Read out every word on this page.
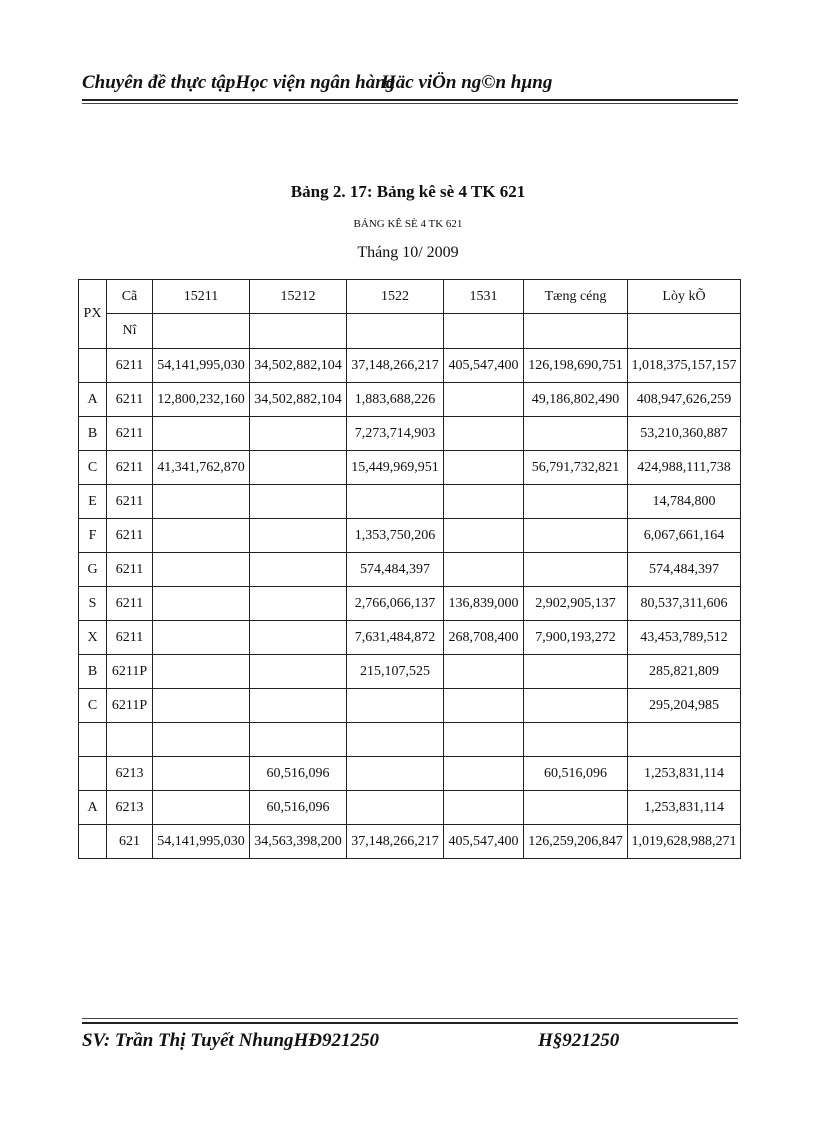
Chuyên đề thực tậpHọc viện ngân hàng
Häc viÖn ng©n hµng
Bảng 2. 17: Bảng kê sè 4 TK 621
BẢNG KÊ SÈ 4 TK 621
Tháng 10/ 2009
PX	Cã	15211	15212	1522	1531	Tæng céng	Lòy kÕ
	Nî						
	6211	54,141,995,030	34,502,882,104	37,148,266,217	405,547,400	126,198,690,751	1,018,375,157,157
A	6211	12,800,232,160	34,502,882,104	1,883,688,226		49,186,802,490	408,947,626,259
B	6211			7,273,714,903			53,210,360,887
C	6211	41,341,762,870		15,449,969,951		56,791,732,821	424,988,111,738
E	6211						14,784,800
F	6211			1,353,750,206			6,067,661,164
G	6211			574,484,397			574,484,397
S	6211			2,766,066,137	136,839,000	2,902,905,137	80,537,311,606
X	6211			7,631,484,872	268,708,400	7,900,193,272	43,453,789,512
B	6211P			215,107,525			285,821,809
C	6211P						295,204,985

	6213		60,516,096			60,516,096	1,253,831,114
A	6213		60,516,096				1,253,831,114
	621	54,141,995,030	34,563,398,200	37,148,266,217	405,547,400	126,259,206,847	1,019,628,988,271
SV: Trần Thị Tuyết NhungHĐ921250	H§921250
